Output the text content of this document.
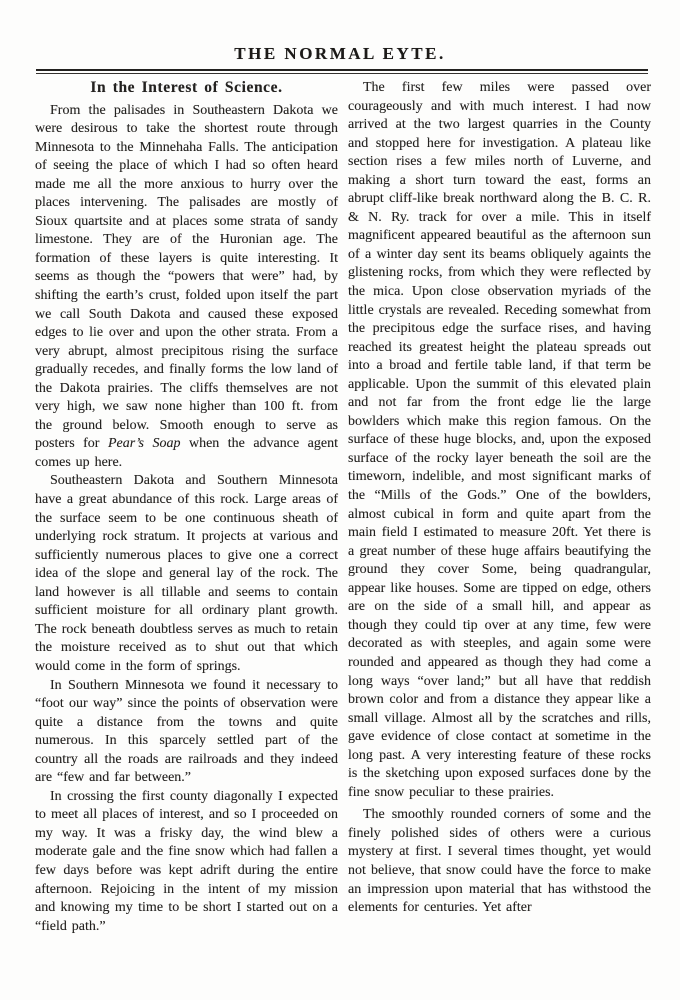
THE NORMAL EYTE.
In the Interest of Science.

From the palisades in Southeastern Dakota we were desirous to take the shortest route through Minnesota to the Minnehaha Falls. The anticipation of seeing the place of which I had so often heard made me all the more anxious to hurry over the places intervening. The palisades are mostly of Sioux quartsite and at places some strata of sandy limestone. They are of the Huronian age. The formation of these layers is quite interesting. It seems as though the “powers that were” had, by shifting the earth’s crust, folded upon itself the part we call South Dakota and caused these exposed edges to lie over and upon the other strata. From a very abrupt, almost precipitous rising the surface gradually recedes, and finally forms the low land of the Dakota prairies. The cliffs themselves are not very high, we saw none higher than 100 ft. from the ground below. Smooth enough to serve as posters for Pear’s Soap when the advance agent comes up here.

Southeastern Dakota and Southern Minnesota have a great abundance of this rock. Large areas of the surface seem to be one continuous sheath of underlying rock stratum. It projects at various and sufficiently numerous places to give one a correct idea of the slope and general lay of the rock. The land however is all tillable and seems to contain sufficient moisture for all ordinary plant growth. The rock beneath doubtless serves as much to retain the moisture received as to shut out that which would come in the form of springs.

In Southern Minnesota we found it necessary to “foot our way” since the points of observation were quite a distance from the towns and quite numerous. In this sparcely settled part of the country all the roads are railroads and they indeed are “few and far between.”

In crossing the first county diagonally I expected to meet all places of interest, and so I proceeded on my way. It was a frisky day, the wind blew a moderate gale and the fine snow which had fallen a few days before was kept adrift during the entire afternoon. Rejoicing in the intent of my mission and knowing my time to be short I started out on a “field path.”

The first few miles were passed over courageously and with much interest. I had now arrived at the two largest quarries in the County and stopped here for investigation. A plateau like section rises a few miles north of Luverne, and making a short turn toward the east, forms an abrupt cliff-like break northward along the B. C. R. & N. Ry. track for over a mile. This in itself magnificent appeared beautiful as the afternoon sun of a winter day sent its beams obliquely againts the glistening rocks, from which they were reflected by the mica. Upon close observation myriads of the little crystals are revealed. Receding somewhat from the precipitous edge the surface rises, and having reached its greatest height the plateau spreads out into a broad and fertile table land, if that term be applicable. Upon the summit of this elevated plain and not far from the front edge lie the large bowlders which make this region famous. On the surface of these huge blocks, and, upon the exposed surface of the rocky layer beneath the soil are the timeworn, indelible, and most significant marks of the “Mills of the Gods.” One of the bowlders, almost cubical in form and quite apart from the main field I estimated to measure 20ft. Yet there is a great number of these huge affairs beautifying the ground they cover Some, being quadrangular, appear like houses. Some are tipped on edge, others are on the side of a small hill, and appear as though they could tip over at any time, few were decorated as with steeples, and again some were rounded and appeared as though they had come a long ways “over land;” but all have that reddish brown color and from a distance they appear like a small village. Almost all by the scratches and rills, gave evidence of close contact at sometime in the long past. A very interesting feature of these rocks is the sketching upon exposed surfaces done by the fine snow peculiar to these prairies.

The smoothly rounded corners of some and the finely polished sides of others were a curious mystery at first. I several times thought, yet would not believe, that snow could have the force to make an impression upon material that has withstood the elements for centuries. Yet after
